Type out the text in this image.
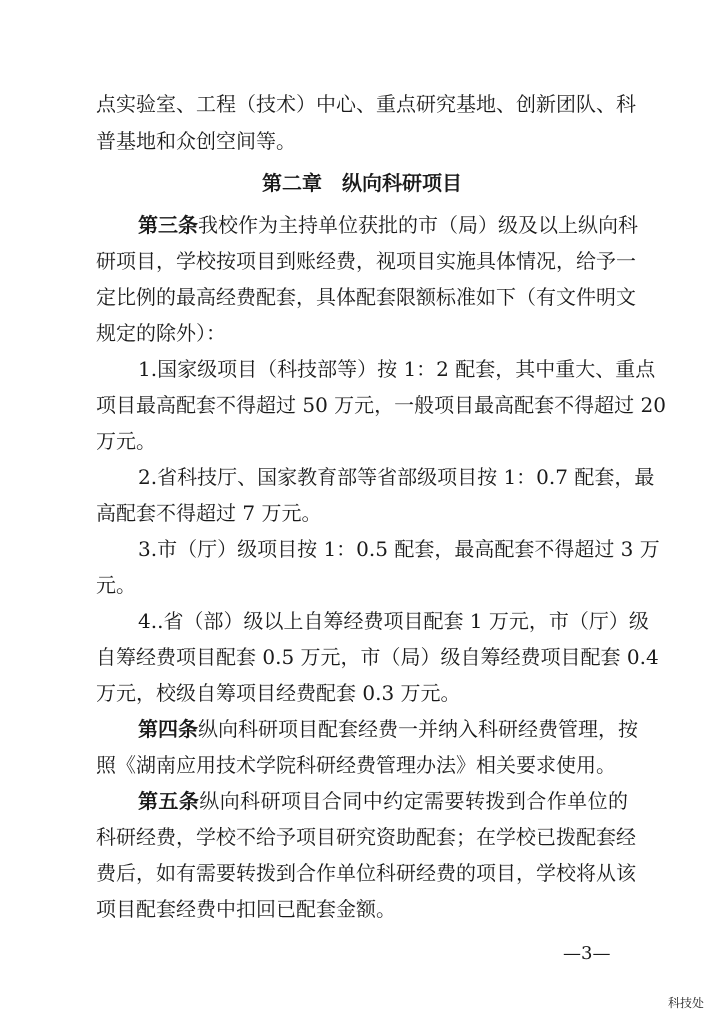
点实验室、工程（技术）中心、重点研究基地、创新团队、科
普基地和众创空间等。
第二章　纵向科研项目
第三条我校作为主持单位获批的市（局）级及以上纵向科
研项目，学校按项目到账经费，视项目实施具体情况，给予一
定比例的最高经费配套，具体配套限额标准如下（有文件明文
规定的除外）：
1.国家级项目（科技部等）按 1：2 配套，其中重大、重点
项目最高配套不得超过 50 万元，一般项目最高配套不得超过 20
万元。
2.省科技厅、国家教育部等省部级项目按 1：0.7 配套，最
高配套不得超过 7 万元。
3.市（厅）级项目按 1：0.5 配套，最高配套不得超过 3 万
元。
4..省（部）级以上自筹经费项目配套 1 万元，市（厅）级
自筹经费项目配套 0.5 万元，市（局）级自筹经费项目配套 0.4
万元，校级自筹项目经费配套 0.3 万元。
第四条纵向科研项目配套经费一并纳入科研经费管理，按
照《湖南应用技术学院科研经费管理办法》相关要求使用。
第五条纵向科研项目合同中约定需要转拨到合作单位的
科研经费，学校不给予项目研究资助配套；在学校已拨配套经
费后，如有需要转拨到合作单位科研经费的项目，学校将从该
项目配套经费中扣回已配套金额。
—3—
科技处
